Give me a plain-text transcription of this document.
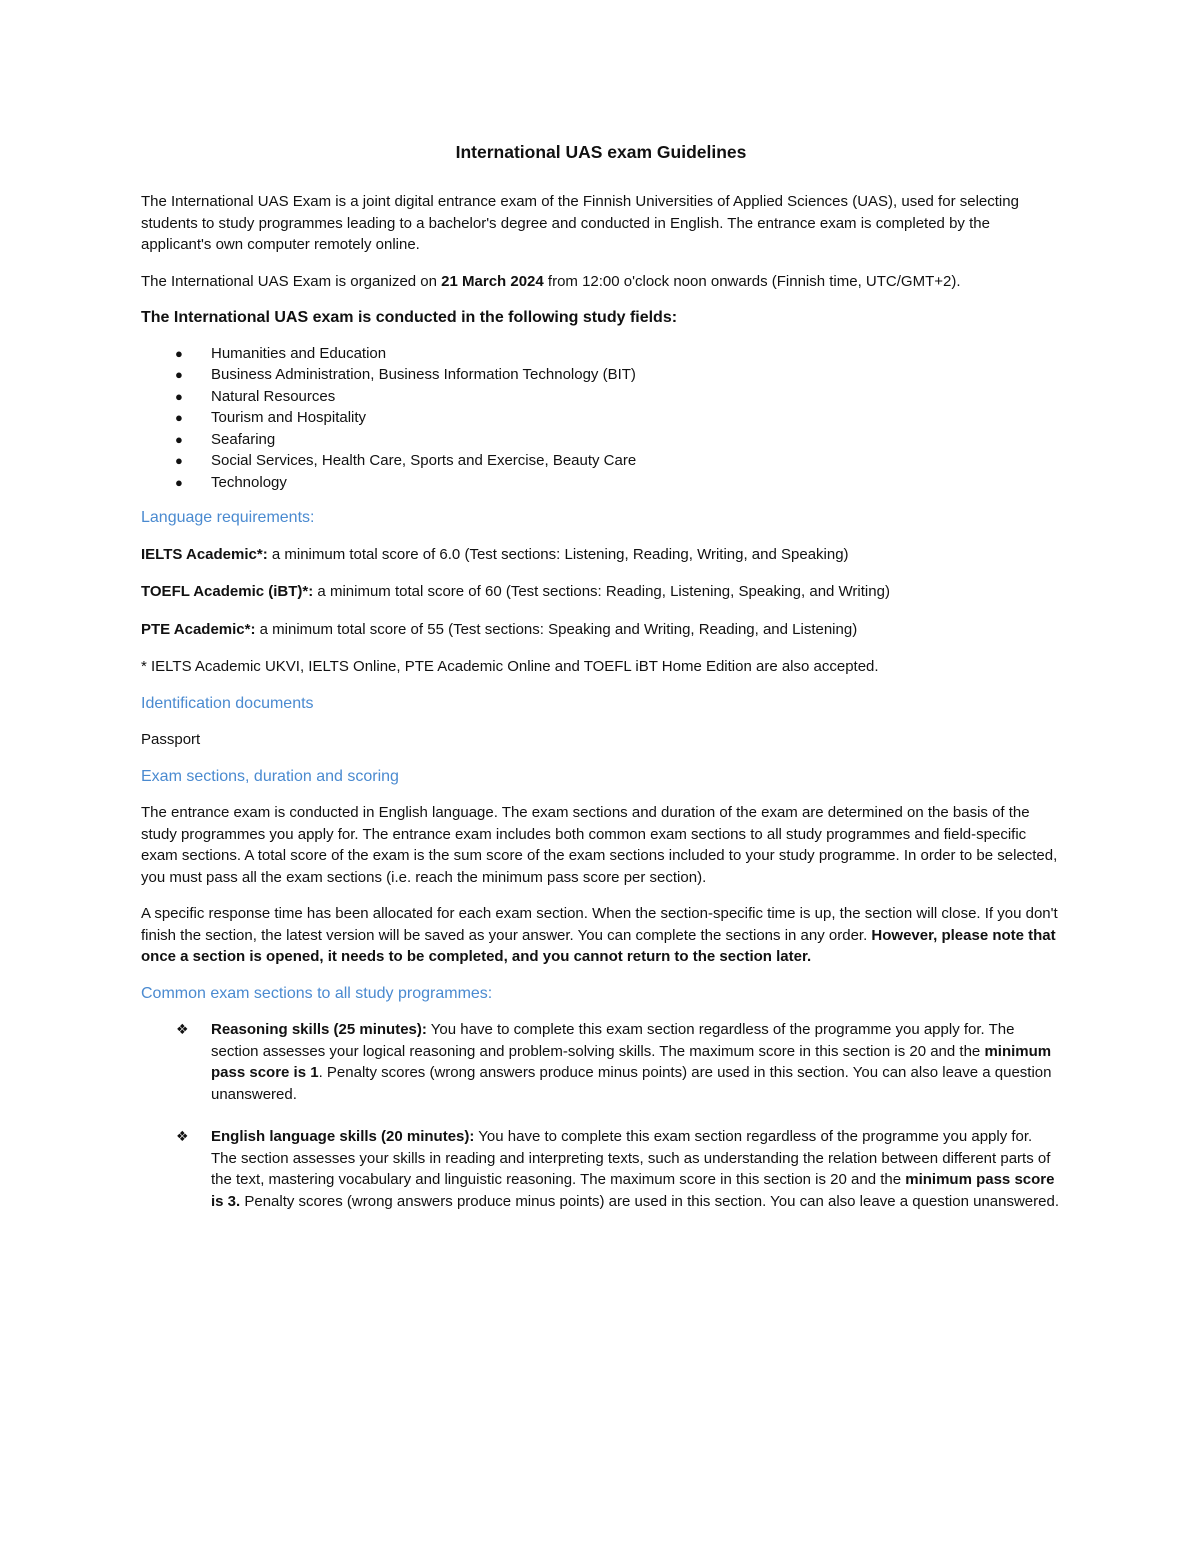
International UAS exam Guidelines

The International UAS Exam is a joint digital entrance exam of the Finnish Universities of Applied Sciences (UAS), used for selecting students to study programmes leading to a bachelor's degree and conducted in English. The entrance exam is completed by the applicant's own computer remotely online.

The International UAS Exam is organized on 21 March 2024 from 12:00 o'clock noon onwards (Finnish time, UTC/GMT+2).

The International UAS exam is conducted in the following study fields:

● Humanities and Education
● Business Administration, Business Information Technology (BIT)
● Natural Resources
● Tourism and Hospitality
● Seafaring
● Social Services, Health Care, Sports and Exercise, Beauty Care
● Technology
Language requirements:

IELTS Academic*: a minimum total score of 6.0 (Test sections: Listening, Reading, Writing, and Speaking)

TOEFL Academic (iBT)*: a minimum total score of 60 (Test sections: Reading, Listening, Speaking, and Writing)

PTE Academic*: a minimum total score of 55 (Test sections: Speaking and Writing, Reading, and Listening)

* IELTS Academic UKVI, IELTS Online, PTE Academic Online and TOEFL iBT Home Edition are also accepted.

Identification documents

Passport

Exam sections, duration and scoring

The entrance exam is conducted in English language. The exam sections and duration of the exam are determined on the basis of the study programmes you apply for. The entrance exam includes both common exam sections to all study programmes and field-specific exam sections. A total score of the exam is the sum score of the exam sections included to your study programme. In order to be selected, you must pass all the exam sections (i.e. reach the minimum pass score per section).

A specific response time has been allocated for each exam section. When the section-specific time is up, the section will close. If you don't finish the section, the latest version will be saved as your answer. You can complete the sections in any order. However, please note that once a section is opened, it needs to be completed, and you cannot return to the section later.

Common exam sections to all study programmes:
❖ Reasoning skills (25 minutes): You have to complete this exam section regardless of the programme you apply for. The section assesses your logical reasoning and problem-solving skills. The maximum score in this section is 20 and the minimum pass score is 1. Penalty scores (wrong answers produce minus points) are used in this section. You can also leave a question unanswered.
❖ English language skills (20 minutes): You have to complete this exam section regardless of the programme you apply for. The section assesses your skills in reading and interpreting texts, such as understanding the relation between different parts of the text, mastering vocabulary and linguistic reasoning. The maximum score in this section is 20 and the minimum pass score is 3. Penalty scores (wrong answers produce minus points) are used in this section. You can also leave a question unanswered.
